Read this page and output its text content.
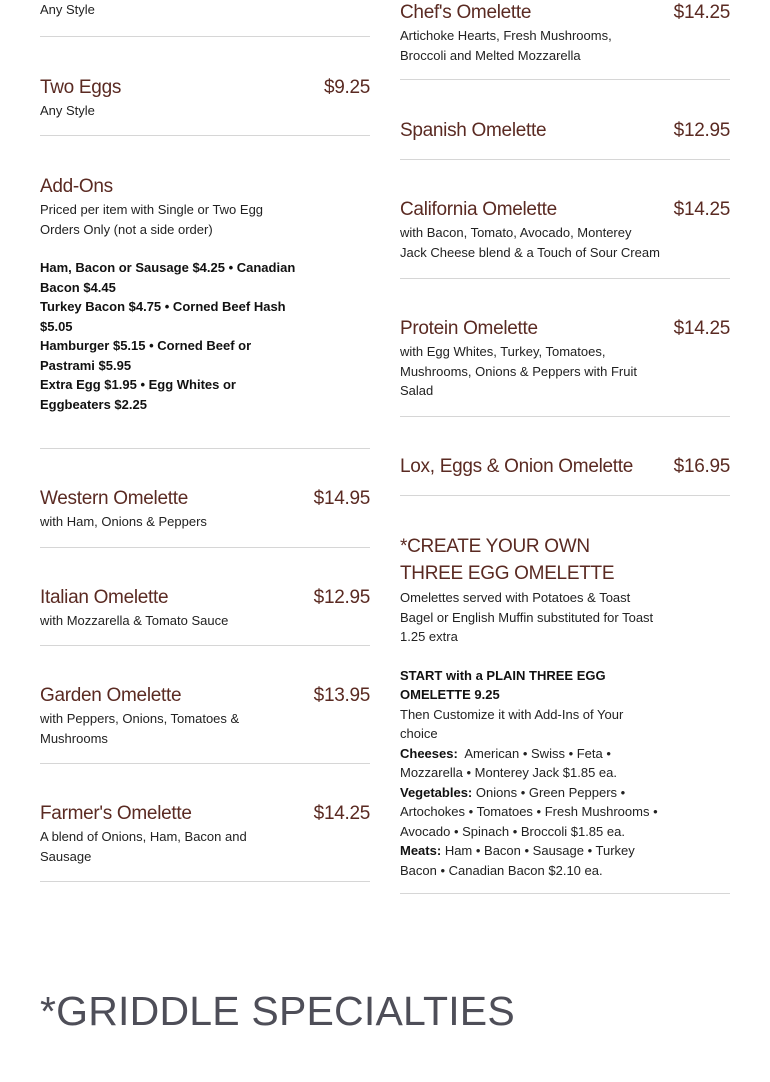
Any Style
Two Eggs	$9.25
Any Style
Add-Ons
Priced per item with Single or Two Egg Orders Only (not a side order)
Ham, Bacon or Sausage $4.25 • Canadian Bacon $4.45
Turkey Bacon $4.75 • Corned Beef Hash $5.05
Hamburger $5.15 • Corned Beef or Pastrami $5.95
Extra Egg $1.95 • Egg Whites or Eggbeaters $2.25
Western Omelette	$14.95
with Ham, Onions & Peppers
Italian Omelette	$12.95
with Mozzarella & Tomato Sauce
Garden Omelette	$13.95
with Peppers, Onions, Tomatoes & Mushrooms
Farmer's Omelette	$14.25
A blend of Onions, Ham, Bacon and Sausage
Chef's Omelette	$14.25
Artichoke Hearts, Fresh Mushrooms, Broccoli and Melted Mozzarella
Spanish Omelette	$12.95
California Omelette	$14.25
with Bacon, Tomato, Avocado, Monterey Jack Cheese blend & a Touch of Sour Cream
Protein Omelette	$14.25
with Egg Whites, Turkey, Tomatoes, Mushrooms, Onions & Peppers with Fruit Salad
Lox, Eggs & Onion Omelette $16.95
*CREATE YOUR OWN THREE EGG OMELETTE
Omelettes served with Potatoes & Toast Bagel or English Muffin substituted for Toast 1.25 extra
START with a PLAIN THREE EGG OMELETTE 9.25
Then Customize it with Add-Ins of Your choice
Cheeses: American • Swiss • Feta • Mozzarella • Monterey Jack $1.85 ea.
Vegetables: Onions • Green Peppers • Artochokes • Tomatoes • Fresh Mushrooms • Avocado • Spinach • Broccoli $1.85 ea.
Meats: Ham • Bacon • Sausage • Turkey Bacon • Canadian Bacon $2.10 ea.
*GRIDDLE SPECIALTIES
